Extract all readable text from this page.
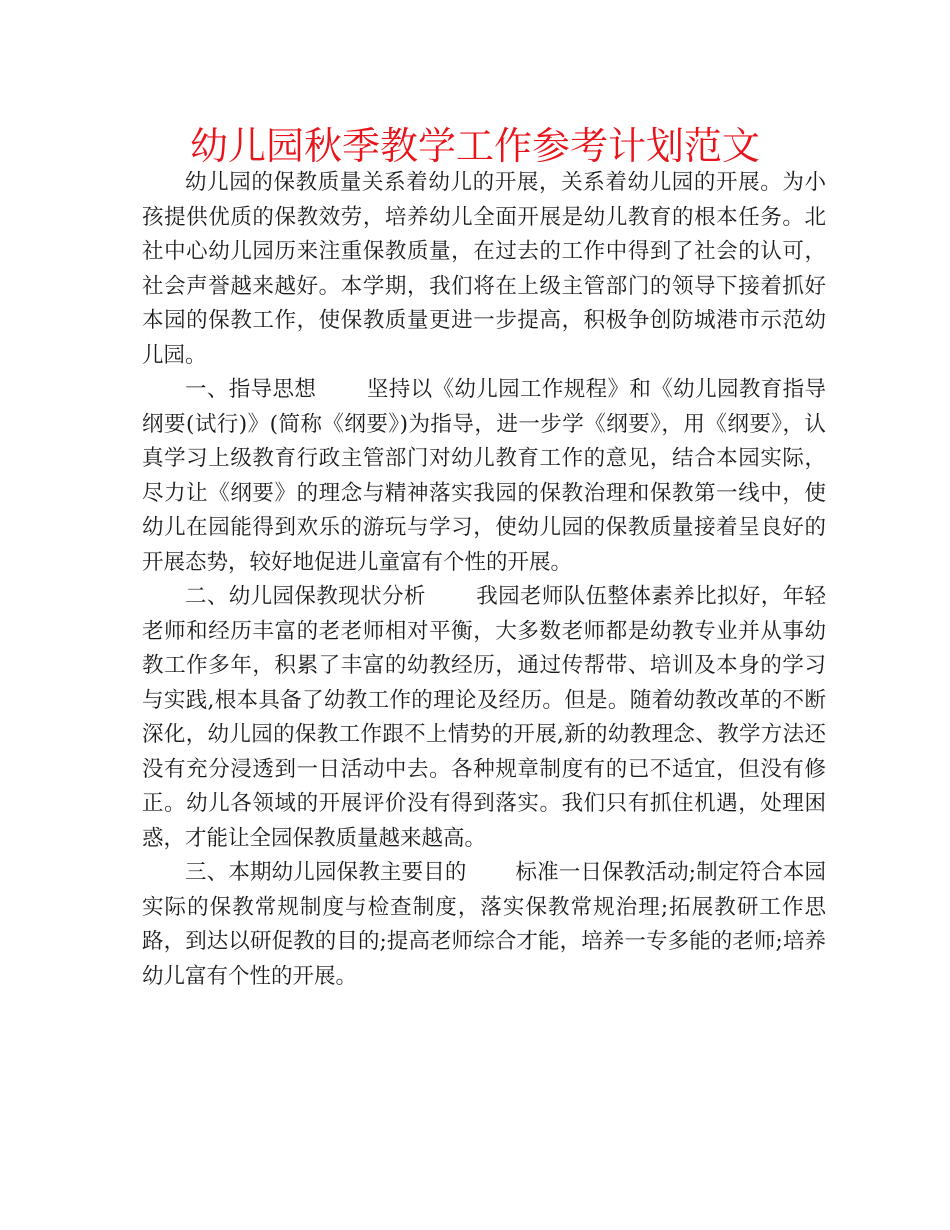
幼儿园秋季教学工作参考计划范文

幼儿园的保教质量关系着幼儿的开展，关系着幼儿园的开展。为小孩提供优质的保教效劳，培养幼儿全面开展是幼儿教育的根本任务。北社中心幼儿园历来注重保教质量，在过去的工作中得到了社会的认可，社会声誉越来越好。本学期，我们将在上级主管部门的领导下接着抓好本园的保教工作，使保教质量更进一步提高，积极争创防城港市示范幼儿园。

一、指导思想 坚持以《幼儿园工作规程》和《幼儿园教育指导纲要(试行)》(简称《纲要》)为指导，进一步学《纲要》，用《纲要》，认真学习上级教育行政主管部门对幼儿教育工作的意见，结合本园实际，尽力让《纲要》的理念与精神落实我园的保教治理和保教第一线中，使幼儿在园能得到欢乐的游玩与学习，使幼儿园的保教质量接着呈良好的开展态势，较好地促进儿童富有个性的开展。

二、幼儿园保教现状分析 我园老师队伍整体素养比拟好，年轻老师和经历丰富的老老师相对平衡，大多数老师都是幼教专业并从事幼教工作多年，积累了丰富的幼教经历，通过传帮带、培训及本身的学习与实践,根本具备了幼教工作的理论及经历。但是。随着幼教改革的不断深化，幼儿园的保教工作跟不上情势的开展,新的幼教理念、教学方法还没有充分浸透到一日活动中去。各种规章制度有的已不适宜，但没有修正。幼儿各领域的开展评价没有得到落实。我们只有抓住机遇，处理困惑，才能让全园保教质量越来越高。

三、本期幼儿园保教主要目的 标准一日保教活动;制定符合本园实际的保教常规制度与检查制度，落实保教常规治理;拓展教研工作思路，到达以研促教的目的;提高老师综合才能，培养一专多能的老师;培养幼儿富有个性的开展。
